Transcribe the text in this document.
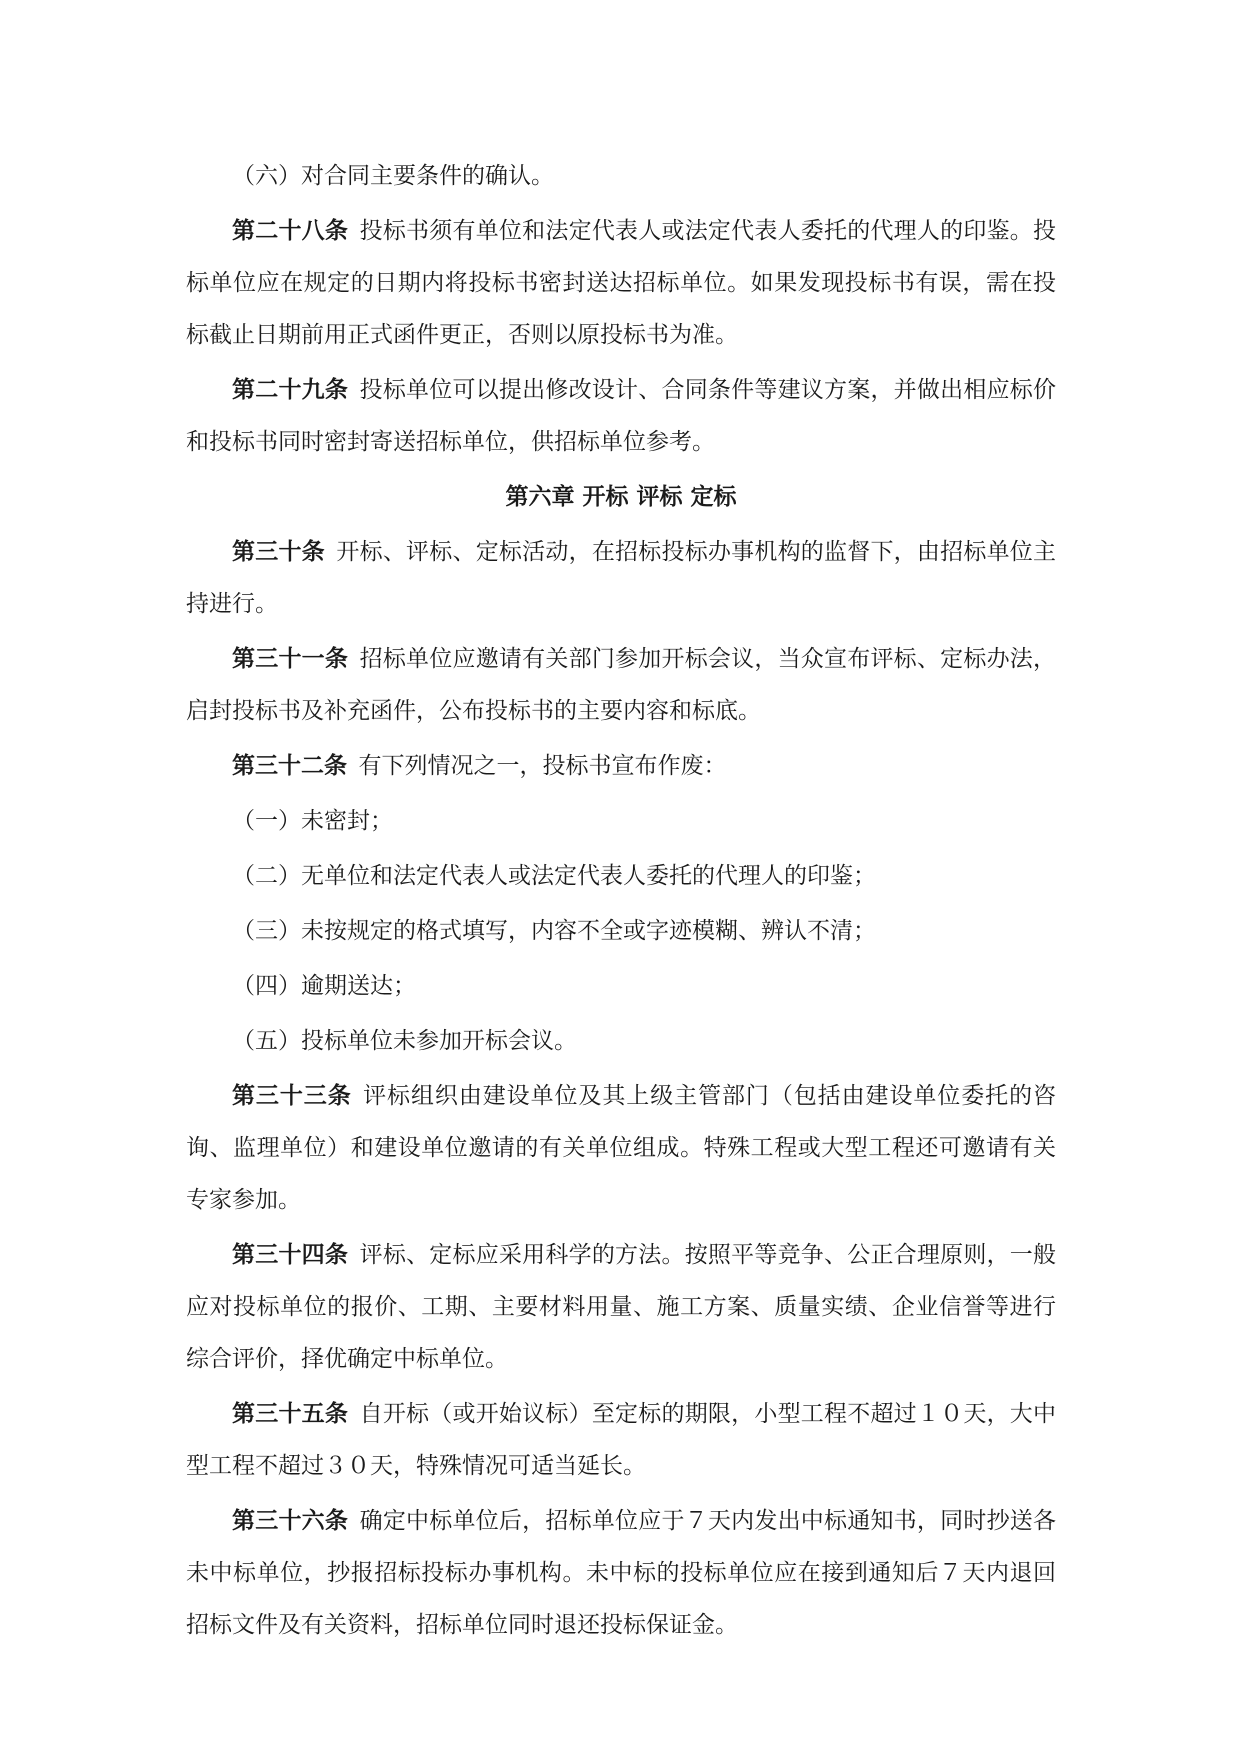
（六）对合同主要条件的确认。

第二十八条 投标书须有单位和法定代表人或法定代表人委托的代理人的印鉴。投标单位应在规定的日期内将投标书密封送达招标单位。如果发现投标书有误，需在投标截止日期前用正式函件更正，否则以原投标书为准。

第二十九条 投标单位可以提出修改设计、合同条件等建议方案，并做出相应标价和投标书同时密封寄送招标单位，供招标单位参考。

第六章 开标 评标 定标

第三十条 开标、评标、定标活动，在招标投标办事机构的监督下，由招标单位主持进行。

第三十一条 招标单位应邀请有关部门参加开标会议，当众宣布评标、定标办法，启封投标书及补充函件，公布投标书的主要内容和标底。

第三十二条 有下列情况之一，投标书宣布作废：

（一）未密封；

（二）无单位和法定代表人或法定代表人委托的代理人的印鉴；

（三）未按规定的格式填写，内容不全或字迹模糊、辨认不清；

（四）逾期送达；

（五）投标单位未参加开标会议。

第三十三条 评标组织由建设单位及其上级主管部门（包括由建设单位委托的咨询、监理单位）和建设单位邀请的有关单位组成。特殊工程或大型工程还可邀请有关专家参加。

第三十四条 评标、定标应采用科学的方法。按照平等竞争、公正合理原则，一般应对投标单位的报价、工期、主要材料用量、施工方案、质量实绩、企业信誉等进行综合评价，择优确定中标单位。

第三十五条 自开标（或开始议标）至定标的期限，小型工程不超过１０天，大中型工程不超过３０天，特殊情况可适当延长。

第三十六条 确定中标单位后，招标单位应于７天内发出中标通知书，同时抄送各未中标单位，抄报招标投标办事机构。未中标的投标单位应在接到通知后７天内退回招标文件及有关资料，招标单位同时退还投标保证金。
